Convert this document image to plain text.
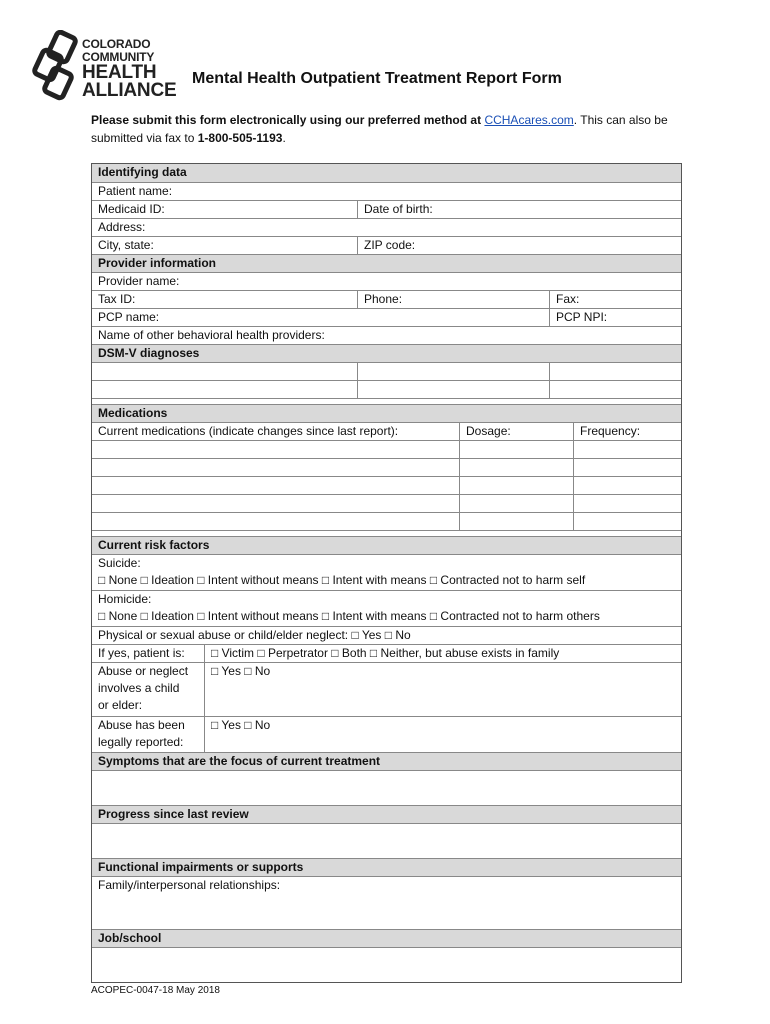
COLORADO
COMMUNITY
HEALTH
ALLIANCE
Mental Health Outpatient Treatment Report Form
Please submit this form electronically using our preferred method at CCHAcares.com. This can also be submitted via fax to 1-800-505-1193.
Identifying data
Patient name:
Medicaid ID:	Date of birth:
Address:
City, state:	ZIP code:
Provider information
Provider name:
Tax ID:	Phone:	Fax:
PCP name:	PCP NPI:
Name of other behavioral health providers:
DSM-V diagnoses
Medications
Current medications (indicate changes since last report):	Dosage:	Frequency:
Current risk factors
Suicide:
□ None □ Ideation □ Intent without means □ Intent with means □ Contracted not to harm self
Homicide:
□ None □ Ideation □ Intent without means □ Intent with means □ Contracted not to harm others
Physical or sexual abuse or child/elder neglect: □ Yes □ No
If yes, patient is:	□ Victim □ Perpetrator □ Both □ Neither, but abuse exists in family
Abuse or neglect
involves a child
or elder:
□ Yes □ No
Abuse has been
legally reported:
□ Yes □ No
Symptoms that are the focus of current treatment
Progress since last review
Functional impairments or supports
Family/interpersonal relationships:
Job/school
ACOPEC-0047-18 May 2018
